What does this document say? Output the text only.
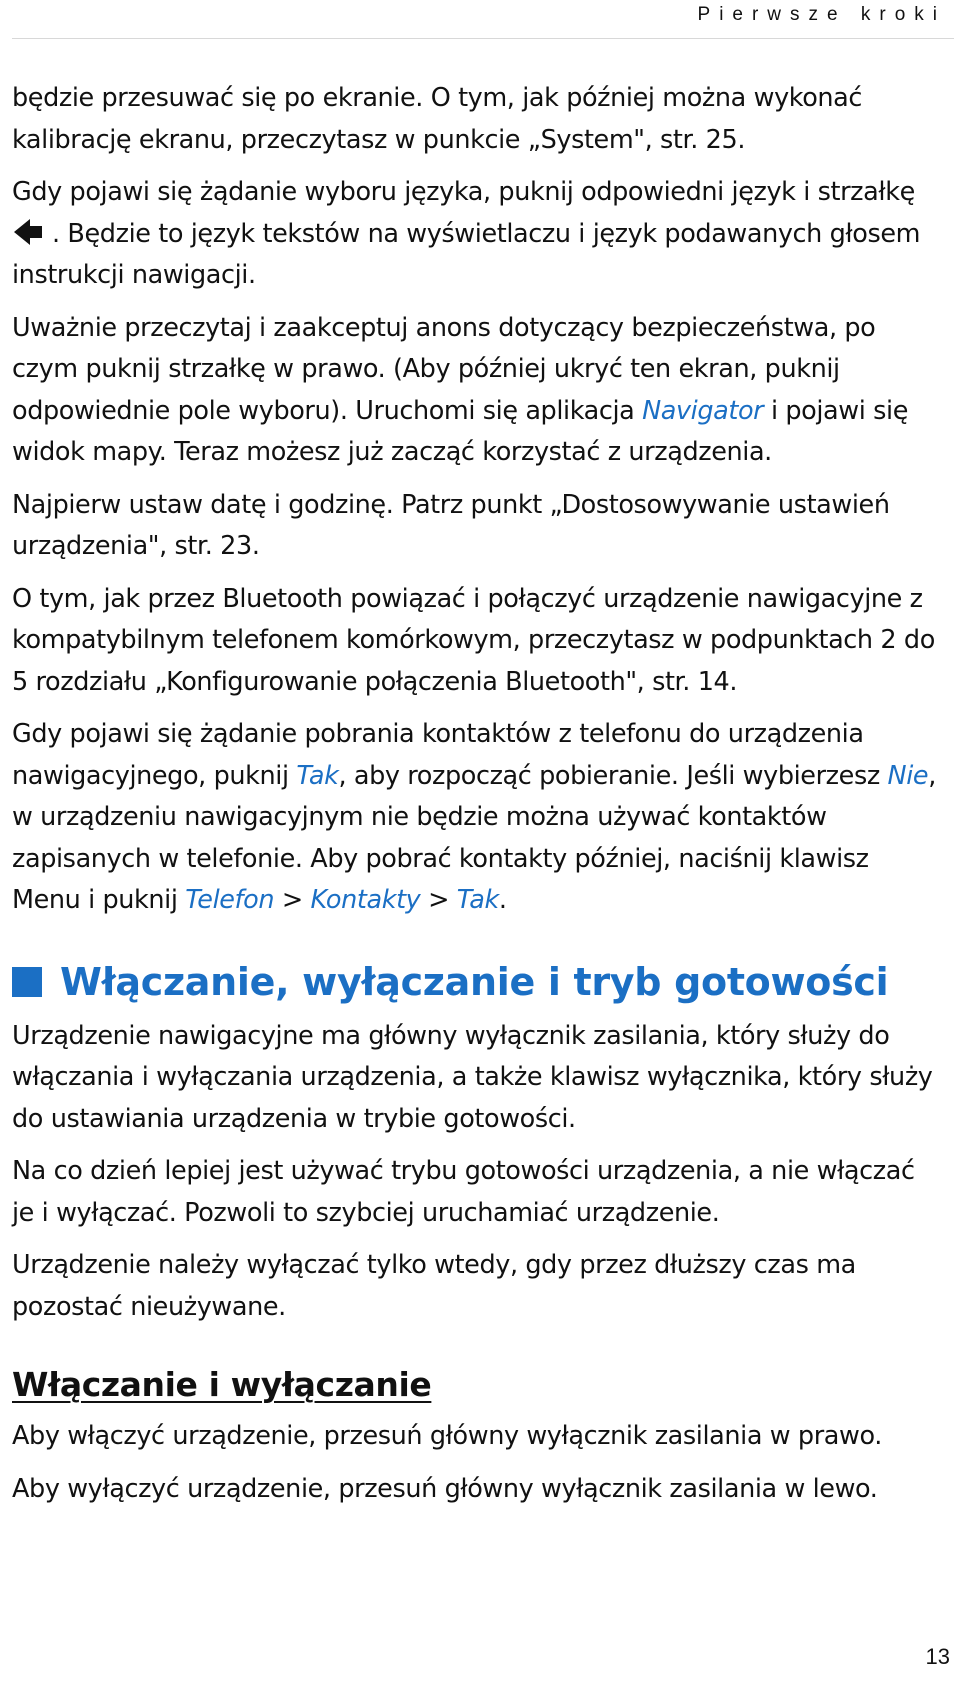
Pierwsze kroki

będzie przesuwać się po ekranie. O tym, jak później można wykonać kalibrację ekranu, przeczytasz w punkcie „System", str. 25.

Gdy pojawi się żądanie wyboru języka, puknij odpowiedni język i strzałkę
. Będzie to język tekstów na wyświetlaczu i język podawanych głosem instrukcji nawigacji.

Uważnie przeczytaj i zaakceptuj anons dotyczący bezpieczeństwa, po czym puknij strzałkę w prawo. (Aby później ukryć ten ekran, puknij odpowiednie pole wyboru). Uruchomi się aplikacja Navigator i pojawi się widok mapy. Teraz możesz już zacząć korzystać z urządzenia.

Najpierw ustaw datę i godzinę. Patrz punkt „Dostosowywanie ustawień urządzenia", str. 23.

O tym, jak przez Bluetooth powiązać i połączyć urządzenie nawigacyjne z kompatybilnym telefonem komórkowym, przeczytasz w podpunktach 2 do 5 rozdziału „Konfigurowanie połączenia Bluetooth", str. 14.

Gdy pojawi się żądanie pobrania kontaktów z telefonu do urządzenia nawigacyjnego, puknij Tak, aby rozpocząć pobieranie. Jeśli wybierzesz Nie, w urządzeniu nawigacyjnym nie będzie można używać kontaktów zapisanych w telefonie. Aby pobrać kontakty później, naciśnij klawisz Menu i puknij Telefon > Kontakty > Tak.

Włączanie, wyłączanie i tryb gotowości

Urządzenie nawigacyjne ma główny wyłącznik zasilania, który służy do włączania i wyłączania urządzenia, a także klawisz wyłącznika, który służy do ustawiania urządzenia w trybie gotowości.

Na co dzień lepiej jest używać trybu gotowości urządzenia, a nie włączać je i wyłączać. Pozwoli to szybciej uruchamiać urządzenie.

Urządzenie należy wyłączać tylko wtedy, gdy przez dłuższy czas ma pozostać nieużywane.

Włączanie i wyłączanie

Aby włączyć urządzenie, przesuń główny wyłącznik zasilania w prawo.

Aby wyłączyć urządzenie, przesuń główny wyłącznik zasilania w lewo.

13
